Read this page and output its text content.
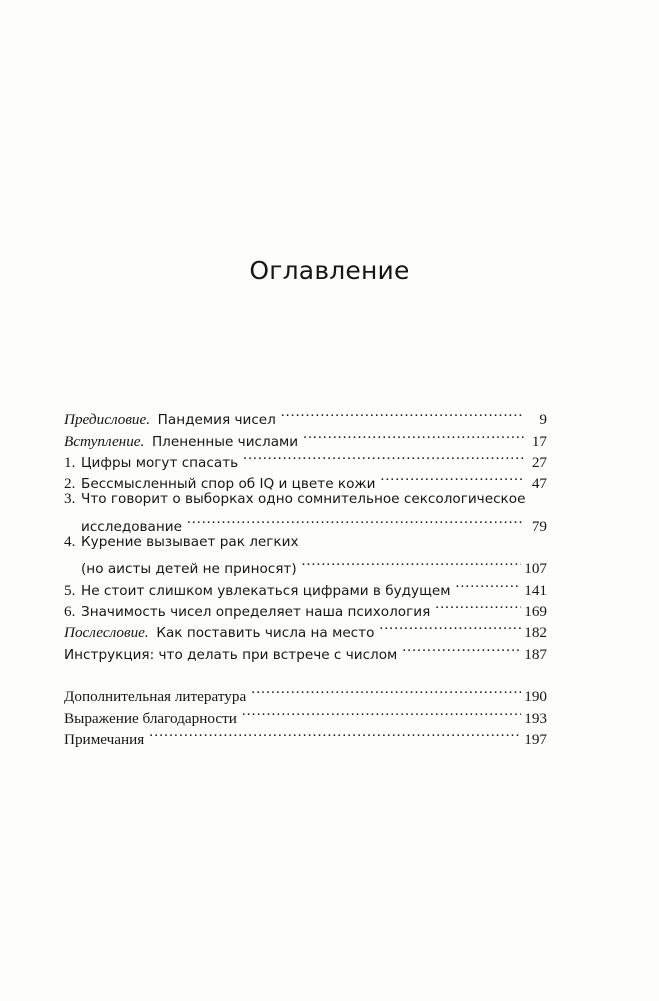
Оглавление
Предисловие. Пандемия чисел .....	9
Вступление. Плененные числами .....	17
1. Цифры могут спасать .....	27
2. Бессмысленный спор об IQ и цвете кожи .....	47
3. Что говорит о выборках одно сомнительное сексологическое
исследование .....	79
4. Курение вызывает рак легких
(но аисты детей не приносят) .....	107
5. Не стоит слишком увлекаться цифрами в будущем .....	141
6. Значимость чисел определяет наша психология .....	169
Послесловие. Как поставить числа на место .....	182
Инструкция: что делать при встрече с числом .....	187
Дополнительная литература .....	190
Выражение благодарности .....	193
Примечания .....	197
